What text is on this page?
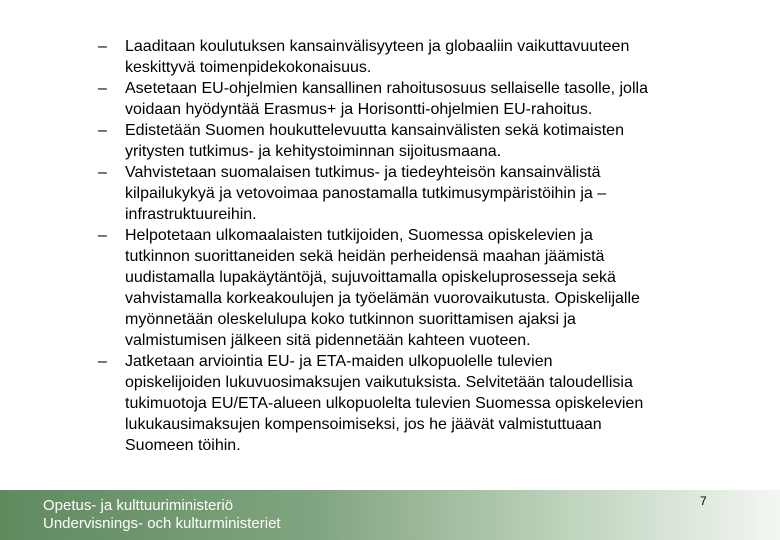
– Laaditaan koulutuksen kansainvälisyyteen ja globaaliin vaikuttavuuteen
keskittyvä toimenpidekokonaisuus.
– Asetetaan EU-ohjelmien kansallinen rahoitusosuus sellaiselle tasolle, jolla
voidaan hyödyntää Erasmus+ ja Horisontti-ohjelmien EU-rahoitus.
– Edistetään Suomen houkuttelevuutta kansainvälisten sekä kotimaisten
yritysten tutkimus- ja kehitystoiminnan sijoitusmaana.
– Vahvistetaan suomalaisen tutkimus- ja tiedeyhteisön kansainvälistä
kilpailukykyä ja vetovoimaa panostamalla tutkimusympäristöihin ja –
infrastruktuureihin.
– Helpotetaan ulkomaalaisten tutkijoiden, Suomessa opiskelevien ja
tutkinnon suorittaneiden sekä heidän perheidensä maahan jäämistä
uudistamalla lupakäytäntöjä, sujuvoittamalla opiskeluprosesseja sekä
vahvistamalla korkeakoulujen ja työelämän vuorovaikutusta. Opiskelijalle
myönnetään oleskelulupa koko tutkinnon suorittamisen ajaksi ja
valmistumisen jälkeen sitä pidennetään kahteen vuoteen.
– Jatketaan arviointia EU- ja ETA-maiden ulkopuolelle tulevien
opiskelijoiden lukuvuosimaksujen vaikutuksista. Selvitetään taloudellisia
tukimuotoja EU/ETA-alueen ulkopuolelta tulevien Suomessa opiskelevien
lukukausimaksujen kompensoimiseksi, jos he jäävät valmistuttuaan
Suomeen töihin.
Opetus- ja kulttuuriministeriö
Undervisnings- och kulturministeriet
7
